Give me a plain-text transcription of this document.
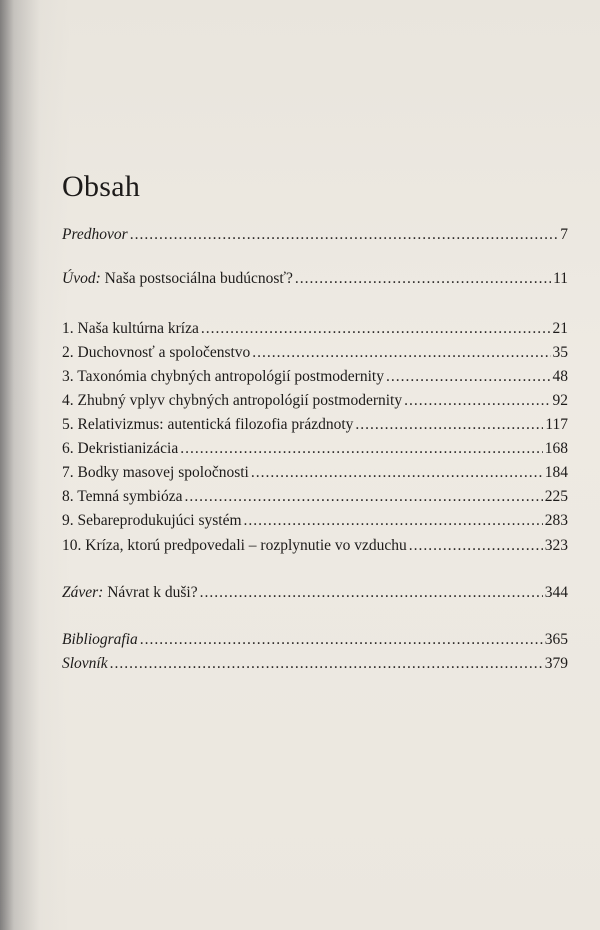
Obsah
Predhovor .....	7
Úvod: Naša postsociálna budúcnosť? .....	11
1. Naša kultúrna kríza .....	21
2. Duchovnosť a spoločenstvo .....	35
3. Taxonómia chybných antropológií postmodernity .....	48
4. Zhubný vplyv chybných antropológií postmodernity .....	92
5. Relativizmus: autentická filozofia prázdnoty .....	117
6. Dekristianizácia .....	168
7. Bodky masovej spoločnosti .....	184
8. Temná symbióza .....	225
9. Sebareprodukujúci systém .....	283
10. Kríza, ktorú predpovedali – rozplynutie vo vzduchu .....	323
Záver: Návrat k duši? .....	344
Bibliografia .....	365
Slovník .....	379
